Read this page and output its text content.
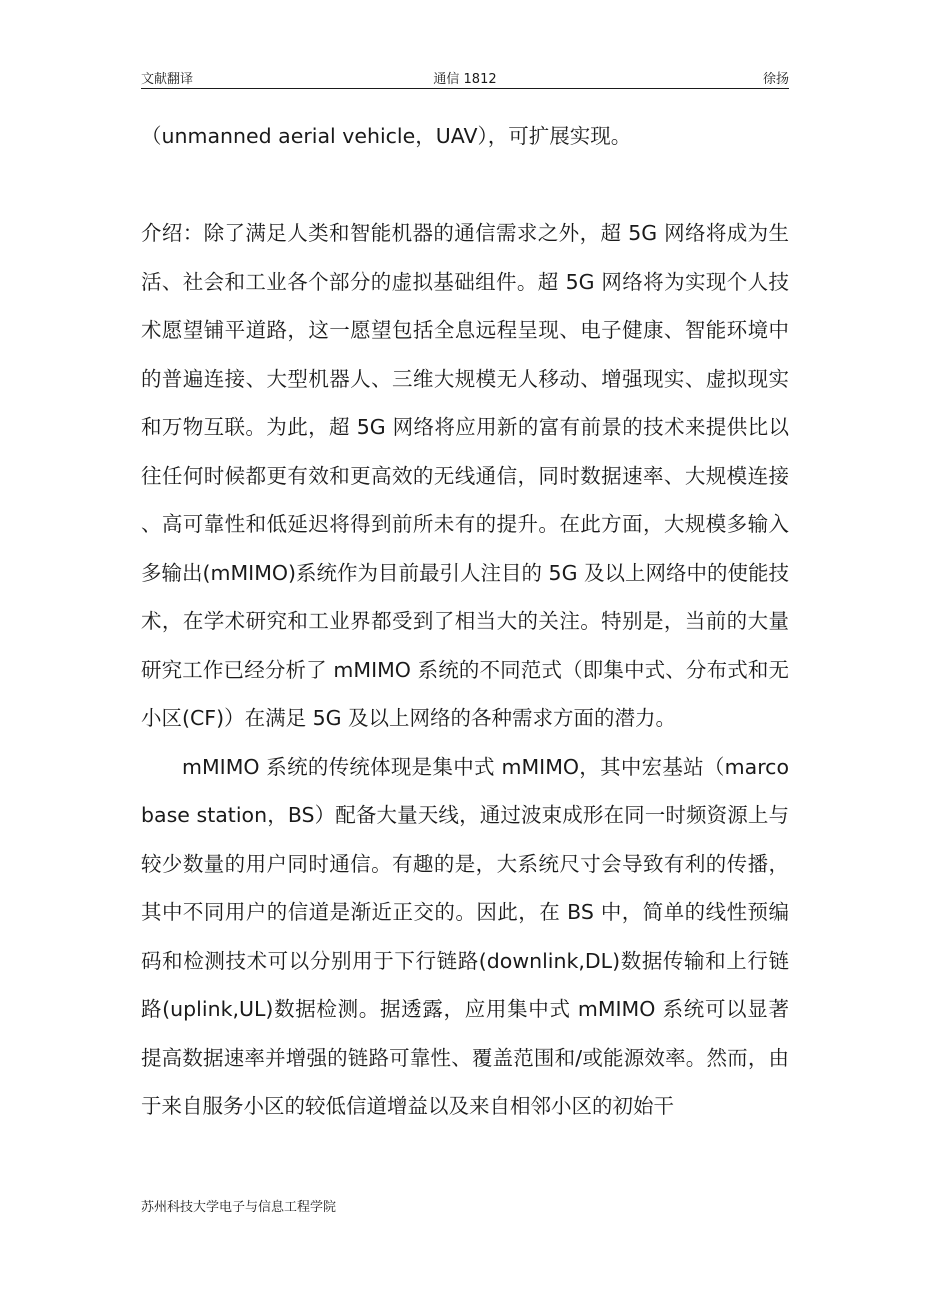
文献翻译	通信 1812	徐扬

（unmanned aerial vehicle，UAV），可扩展实现。

介绍：除了满足人类和智能机器的通信需求之外，超 5G 网络将成为生活、社会和工业各个部分的虚拟基础组件。超 5G 网络将为实现个人技术愿望铺平道路，这一愿望包括全息远程呈现、电子健康、智能环境中的普遍连接、大型机器人、三维大规模无人移动、增强现实、虚拟现实和万物互联。为此，超 5G 网络将应用新的富有前景的技术来提供比以往任何时候都更有效和更高效的无线通信，同时数据速率、大规模连接、高可靠性和低延迟将得到前所未有的提升。在此方面，大规模多输入多输出(mMIMO)系统作为目前最引人注目的 5G 及以上网络中的使能技术，在学术研究和工业界都受到了相当大的关注。特别是，当前的大量研究工作已经分析了 mMIMO 系统的不同范式（即集中式、分布式和无小区(CF)）在满足 5G 及以上网络的各种需求方面的潜力。

mMIMO 系统的传统体现是集中式 mMIMO，其中宏基站（marco base station，BS）配备大量天线，通过波束成形在同一时频资源上与较少数量的用户同时通信。有趣的是，大系统尺寸会导致有利的传播，其中不同用户的信道是渐近正交的。因此，在 BS 中，简单的线性预编码和检测技术可以分别用于下行链路(downlink,DL)数据传输和上行链路(uplink,UL)数据检测。据透露，应用集中式 mMIMO 系统可以显著提高数据速率并增强的链路可靠性、覆盖范围和/或能源效率。然而，由于来自服务小区的较低信道增益以及来自相邻小区的初始干

苏州科技大学电子与信息工程学院
